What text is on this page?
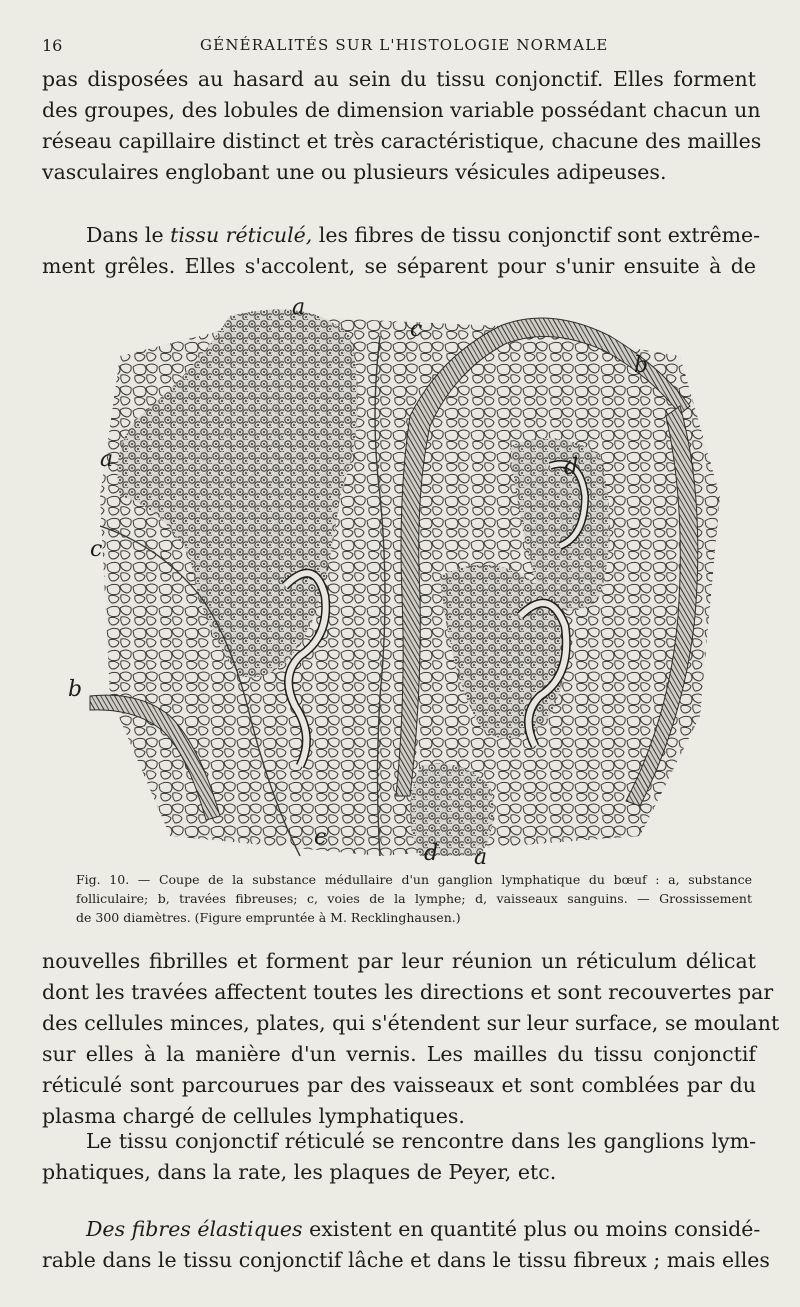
16	GÉNÉRALITÉS SUR L'HISTOLOGIE NORMALE

pas disposées au hasard au sein du tissu conjonctif. Elles forment
des groupes, des lobules de dimension variable possédant chacun un
réseau capillaire distinct et très caractéristique, chacune des mailles
vasculaires englobant une ou plusieurs vésicules adipeuses.

Dans le tissu réticulé, les fibres de tissu conjonctif sont extrême-
ment grêles. Elles s'accolent, se séparent pour s'unir ensuite à de

a
a
a
b
b
c
c
c
d
d

Fig. 10. — Coupe de la substance médullaire d'un ganglion lymphatique du bœuf : a, substance
folliculaire; b, travées fibreuses; c, voies de la lymphe; d, vaisseaux sanguins. — Grossissement
de 300 diamètres. (Figure empruntée à M. Recklinghausen.)

nouvelles fibrilles et forment par leur réunion un réticulum délicat
dont les travées affectent toutes les directions et sont recouvertes par
des cellules minces, plates, qui s'étendent sur leur surface, se moulant
sur elles à la manière d'un vernis. Les mailles du tissu conjonctif
réticulé sont parcourues par des vaisseaux et sont comblées par du
plasma chargé de cellules lymphatiques.

Le tissu conjonctif réticulé se rencontre dans les ganglions lym-
phatiques, dans la rate, les plaques de Peyer, etc.

Des fibres élastiques existent en quantité plus ou moins considé-
rable dans le tissu conjonctif lâche et dans le tissu fibreux ; mais elles
